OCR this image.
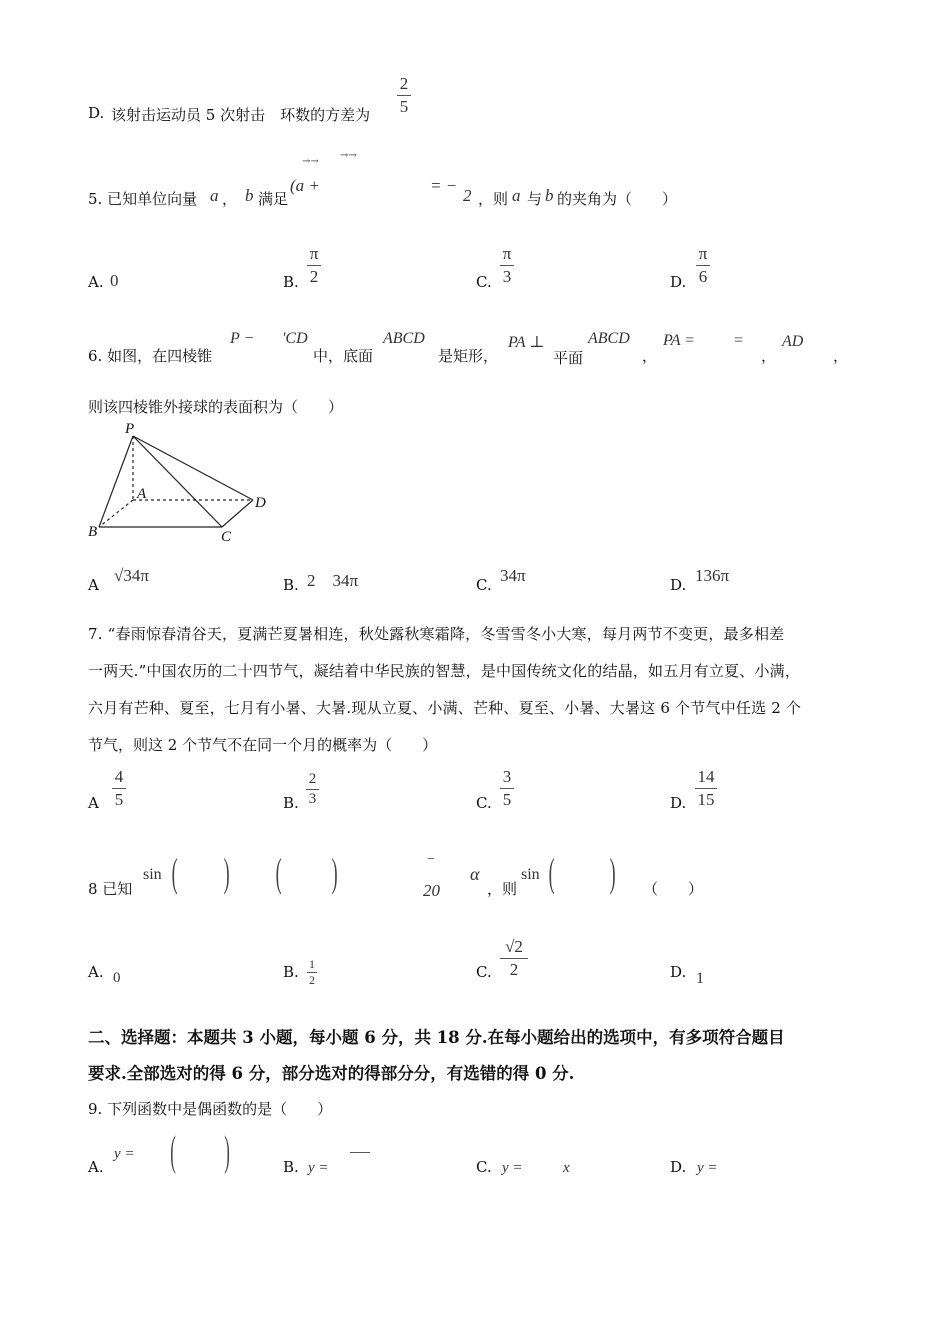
D. 该射击运动员 5 次射击　环数的方差为
2
5
5. 已知单位向量 a ， b 满足
(a +
→→
→→
= −
2 ，则 a 与 b 的夹角为（　　）
A. 0	B.
π
2	C.
π
3	D.
π
6
6. 如图，在四棱锥
P − 'CD
中，底面
ABCD
是矩形，
PA ⊥
平面
ABCD
，
PA = =
，
AD
，
则该四棱锥外接球的表面积为（　　）
P
A
B	C
D
A √34π	B. 2　34π	C. 34π	D. 136π
7. “春雨惊春清谷天，夏满芒夏暑相连，秋处露秋寒霜降，冬雪雪冬小大寒，每月两节不变更，最多相差
一两天.”中国农历的二十四节气，凝结着中华民族的智慧，是中国传统文化的结晶，如五月有立夏、小满，
六月有芒种、夏至，七月有小暑、大暑.现从立夏、小满、芒种、夏至、小暑、大暑这 6 个节气中任选 2 个
节气，则这 2 个节气不在同一个月的概率为（　　）
A
4
5	B.
2
3	C.
3
5	D.
14
15
8 已知
sin ( ) ( )	−
20
α
，则
sin ( ) （　　）
A. 0	B. 1
2	C.
√2
2	D. 1
二、选择题：本题共 3 小题，每小题 6 分，共 18 分.在每小题给出的选项中，有多项符合题目
要求.全部选对的得 6 分，部分选对的得部分分，有选错的得 0 分.
9. 下列函数中是偶函数的是（　　）
A.
y = ( )	B. y =	C. y =	x	D. y =
